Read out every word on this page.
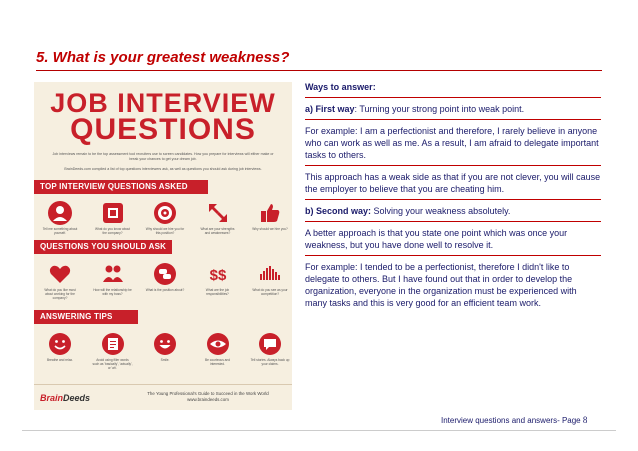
5. What is your greatest weakness?
JOB INTERVIEW
QUESTIONS
Job interviews remain to be the top assessment tool recruiters use to screen candidates. How you prepare for interviews will either make or break your chances to get your dream job.
BrainDeeds.com compiled a list of top questions interviewers ask, as well as questions you should ask during job interviews.
TOP INTERVIEW QUESTIONS ASKED
Tell me something about yourself.
What do you know about the company?
Why should we hire you for this position?
What are your strengths and weaknesses?
Why should we hire you?
QUESTIONS YOU SHOULD ASK
What do you like most about working for the company?
How will the relationship be with my boss?
What is the position about?
$$
What are the job responsibilities?
What do you see as your competition?
ANSWERING TIPS
Breathe and relax.	Avoid using filler words such as 'basically', 'actually', or 'ah'.
Smile.	Be courteous and interested.
Tell stories. Always back up your claims.
BrainDeeds	The Young Professional's Guide to Succeed in the Work World
www.braindeeds.com

Ways to answer:

a) First way: Turning your strong point into weak point.

For example: I am a perfectionist and therefore, I rarely believe in anyone who can work as well as me. As a result, I am afraid to delegate important tasks to others.

This approach has a weak side as that if you are not clever, you will cause the employer to believe that you are cheating him.

b) Second way: Solving your weakness absolutely.

A better approach is that you state one point which was once your weakness, but you have done well to resolve it.

For example: I tended to be a perfectionist, therefore I didn't like to delegate to others. But I have found out that in order to develop the organization, everyone in the organization must be experienced with many tasks and this is very good for an efficient team work.

Interview questions and answers- Page 8
